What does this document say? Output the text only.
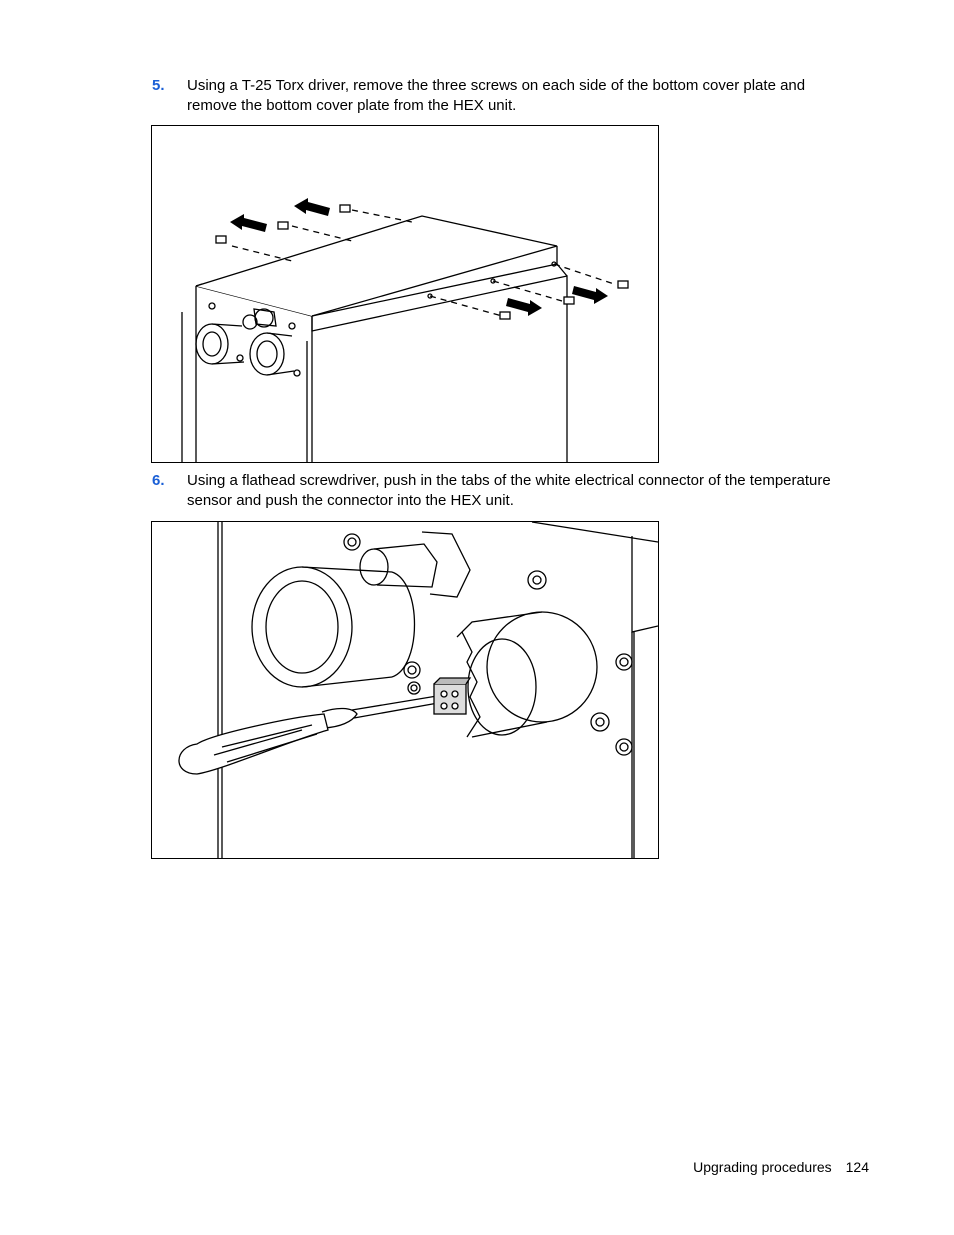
5. Using a T-25 Torx driver, remove the three screws on each side of the bottom cover plate and remove the bottom cover plate from the HEX unit.
6. Using a flathead screwdriver, push in the tabs of the white electrical connector of the temperature sensor and push the connector into the HEX unit.
Upgrading procedures 124
